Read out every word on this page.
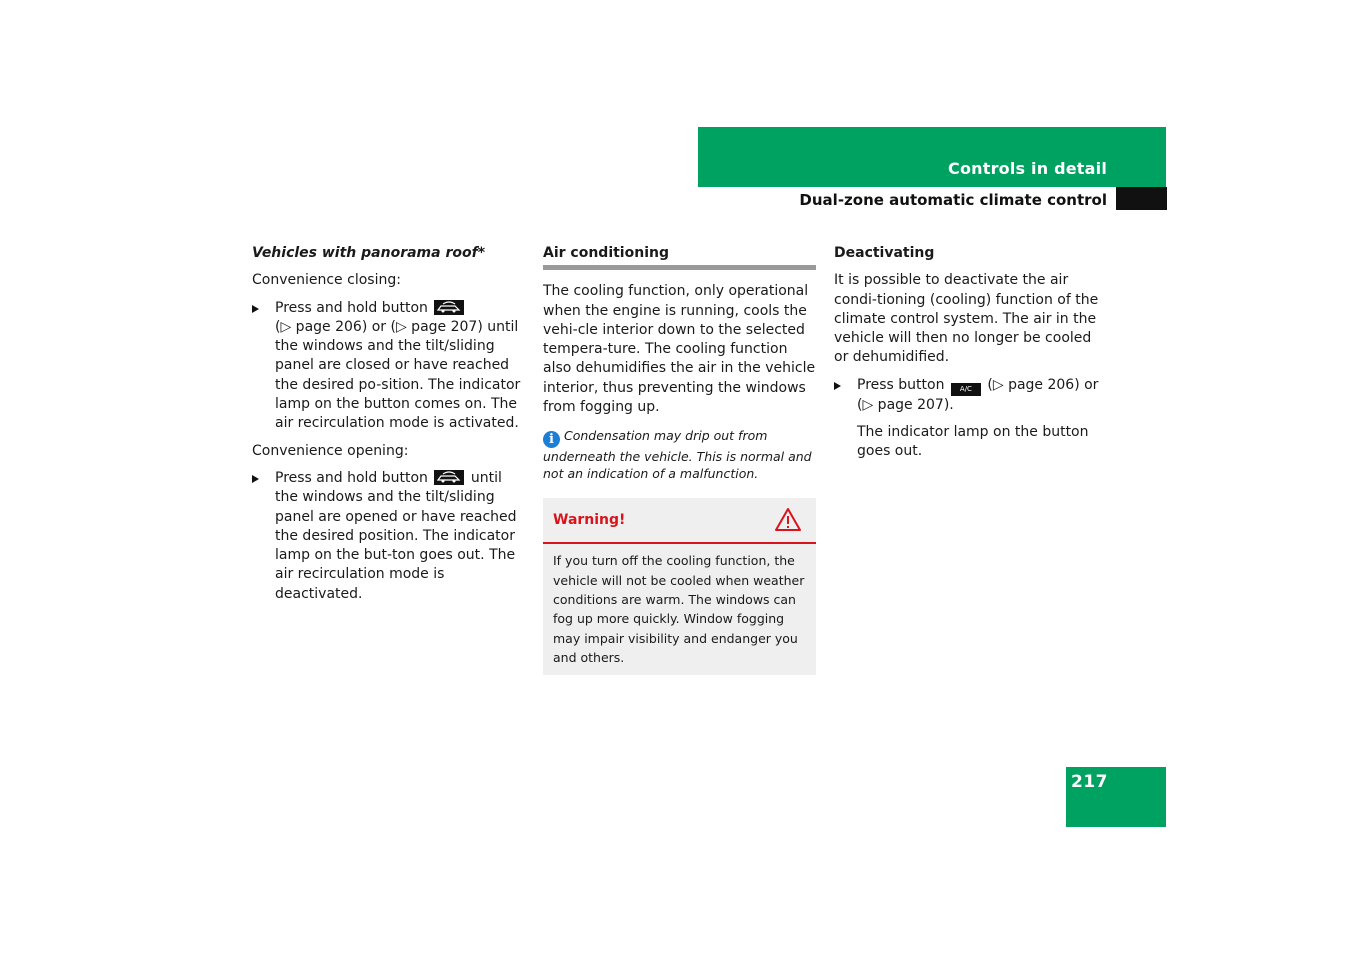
Controls in detail
Dual-zone automatic climate control

Vehicles with panorama roof*

Convenience closing:

Press and hold button

(▷ page 206) or (▷ page 207) until the windows and the tilt/sliding panel are closed or have reached the desired po-sition. The indicator lamp on the button comes on. The air recirculation mode is activated.

Convenience opening:

Press and hold button	until the windows and the tilt/sliding panel are opened or have reached the desired position. The indicator lamp on the but-ton goes out. The air recirculation mode is deactivated.
Air conditioning

The cooling function, only operational when the engine is running, cools the vehi-cle interior down to the selected tempera-ture. The cooling function also dehumidifies the air in the vehicle interior, thus preventing the windows from fogging up.

i Condensation may drip out from underneath the vehicle. This is normal and not an indication of a malfunction.
Warning!
If you turn off the cooling function, the vehicle will not be cooled when weather conditions are warm. The windows can fog up more quickly. Window fogging may impair visibility and endanger you and others.

Deactivating

It is possible to deactivate the air condi-tioning (cooling) function of the climate control system. The air in the vehicle will then no longer be cooled or dehumidified.

Press button A/C (▷ page 206) or (▷ page 207).

The indicator lamp on the button goes out.

217
